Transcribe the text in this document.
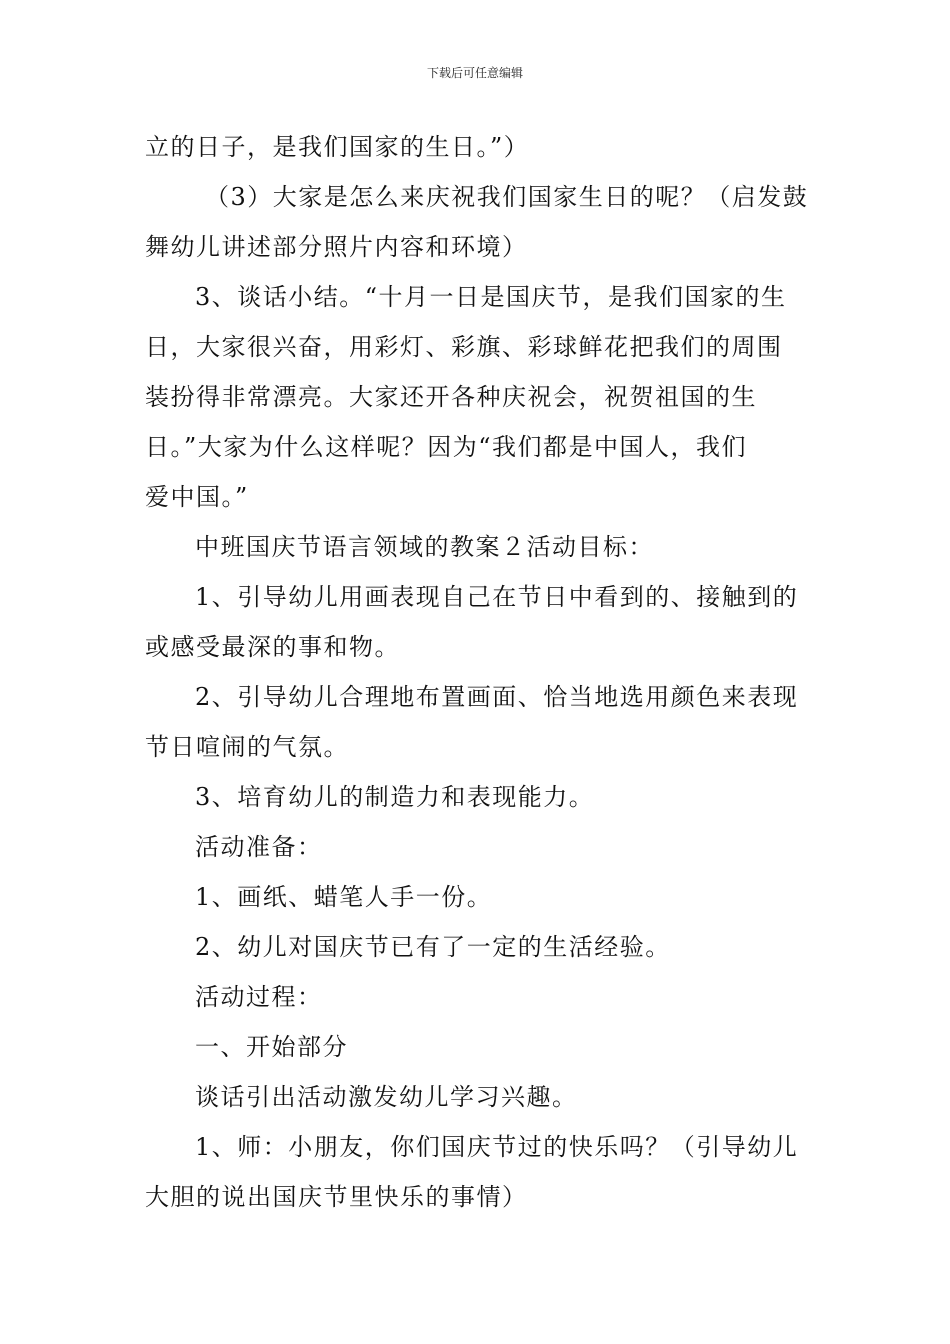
下载后可任意编辑
立的日子，是我们国家的生日。”）
（3）大家是怎么来庆祝我们国家生日的呢？（启发鼓
舞幼儿讲述部分照片内容和环境）
3、谈话小结。“十月一日是国庆节，是我们国家的生
日，大家很兴奋，用彩灯、彩旗、彩球鲜花把我们的周围
装扮得非常漂亮。大家还开各种庆祝会，祝贺祖国的生
日。”大家为什么这样呢？因为“我们都是中国人，我们
爱中国。”
中班国庆节语言领域的教案２活动目标：
1、引导幼儿用画表现自己在节日中看到的、接触到的
或感受最深的事和物。
2、引导幼儿合理地布置画面、恰当地选用颜色来表现
节日喧闹的气氛。
3、培育幼儿的制造力和表现能力。
活动准备：
1、画纸、蜡笔人手一份。
2、幼儿对国庆节已有了一定的生活经验。
活动过程：
一、开始部分
谈话引出活动激发幼儿学习兴趣。
1、师：小朋友，你们国庆节过的快乐吗？（引导幼儿
大胆的说出国庆节里快乐的事情）
